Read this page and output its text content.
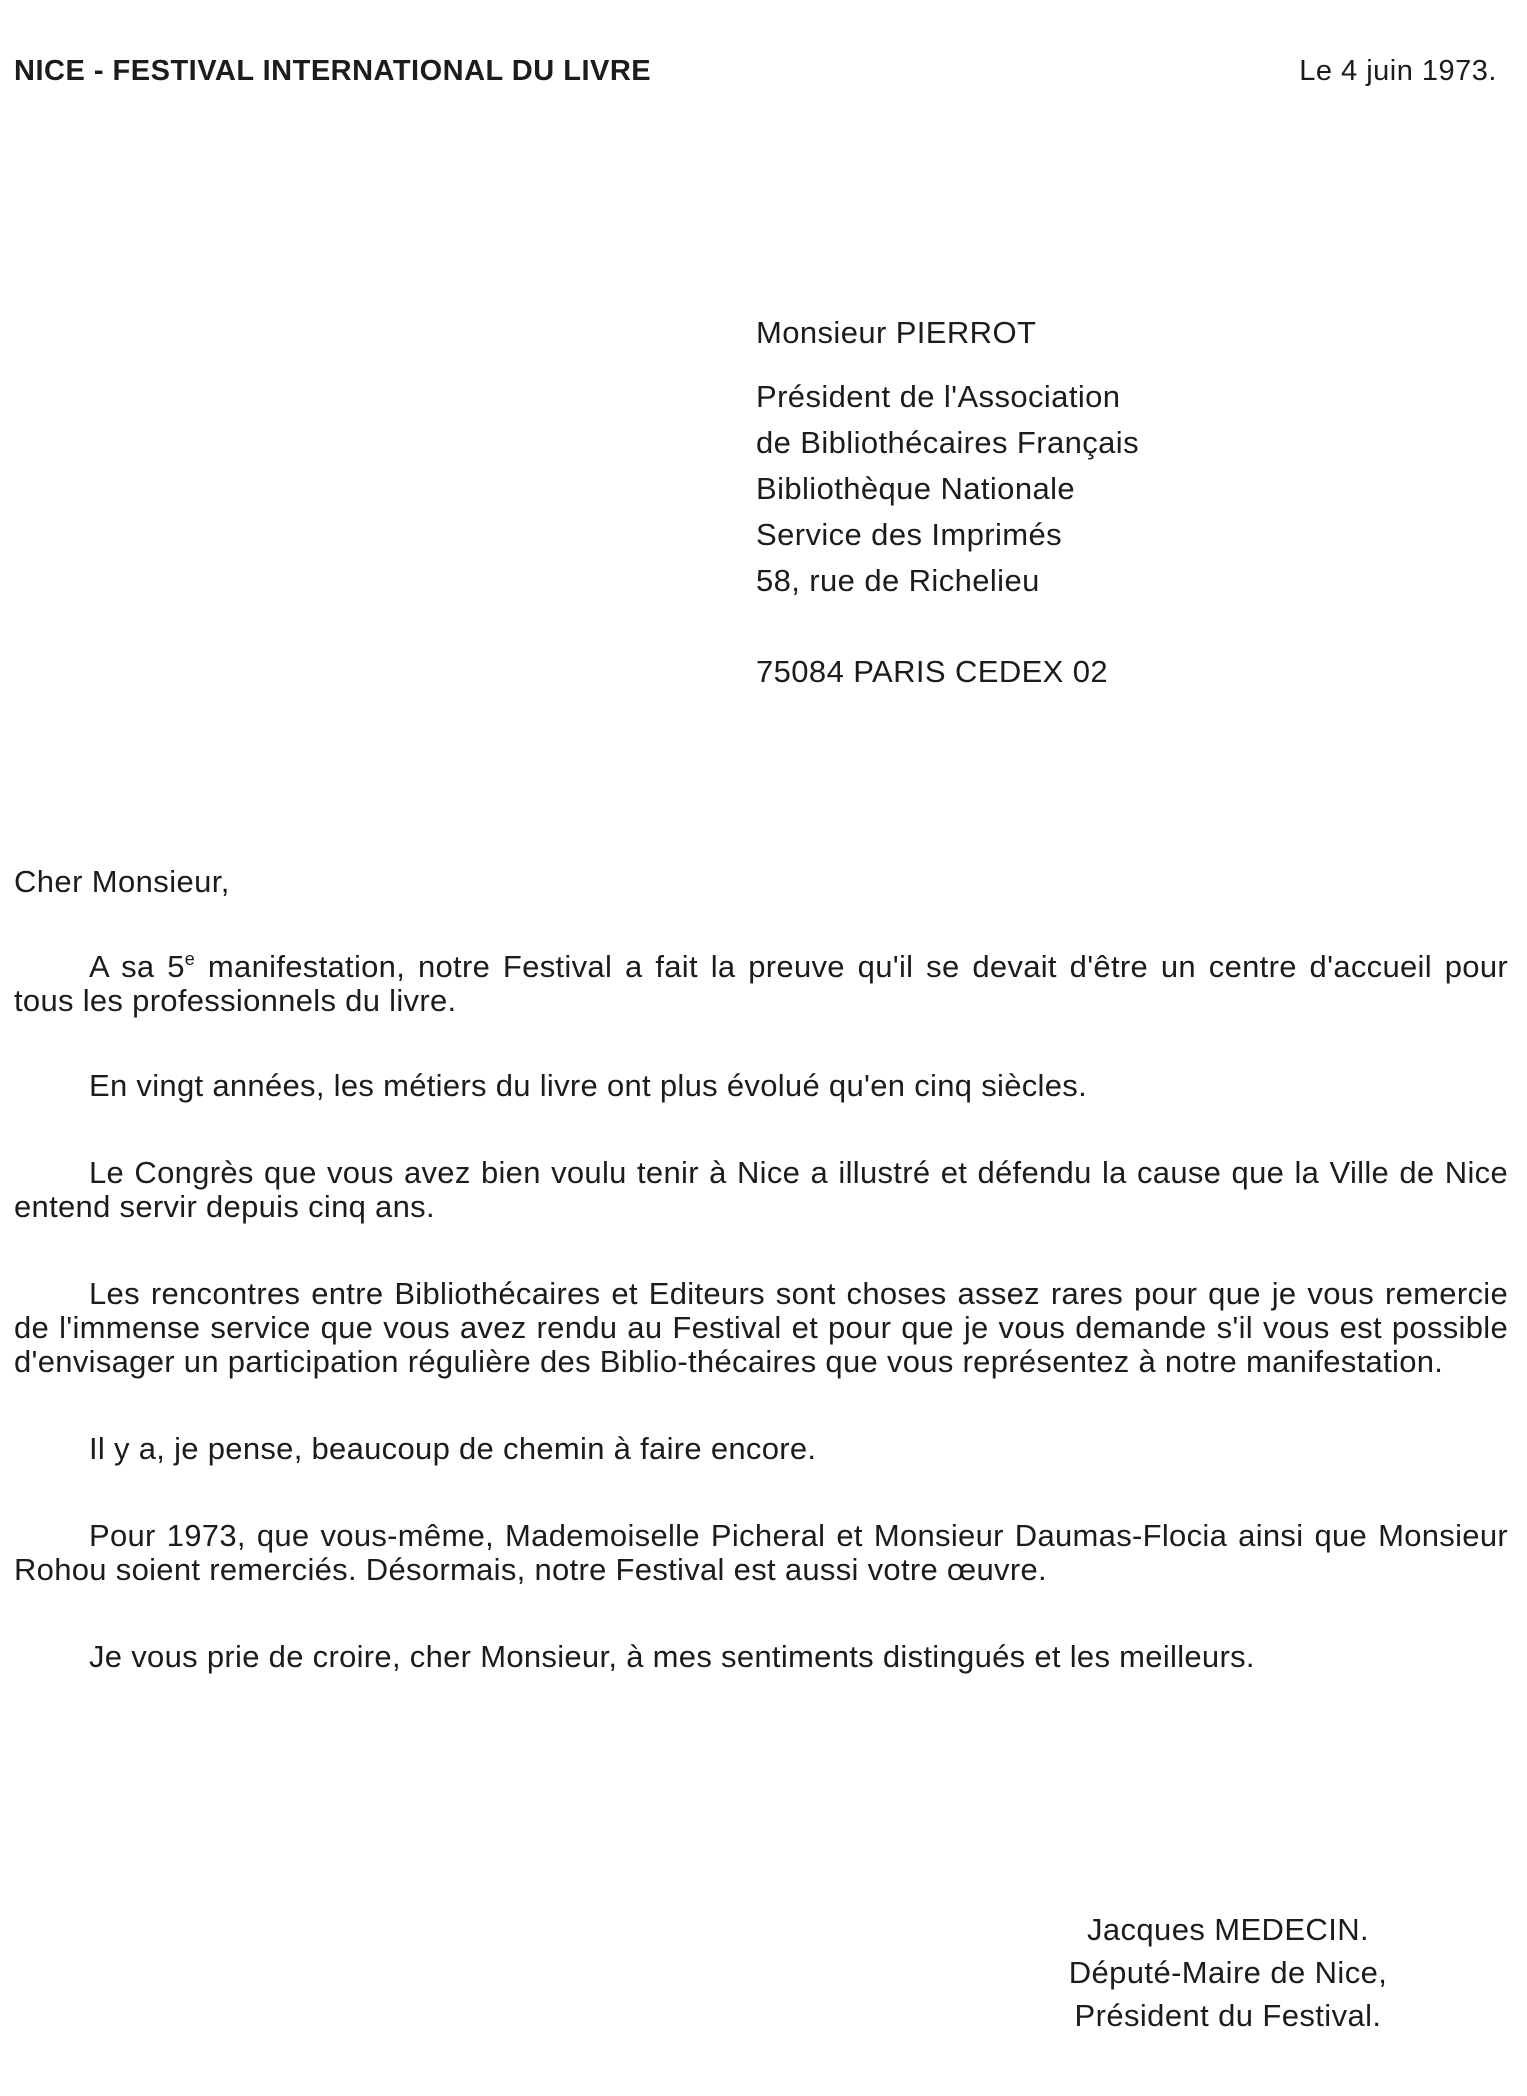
NICE - FESTIVAL INTERNATIONAL DU LIVRE	Le 4 juin 1973.
Monsieur PIERROT
Président de l'Association
de Bibliothécaires Français
Bibliothèque Nationale
Service des Imprimés
58, rue de Richelieu
75084 PARIS CEDEX 02
Cher Monsieur,

A sa 5e manifestation, notre Festival a fait la preuve qu'il se devait d'être un centre d'accueil pour tous les professionnels du livre.

En vingt années, les métiers du livre ont plus évolué qu'en cinq siècles.

Le Congrès que vous avez bien voulu tenir à Nice a illustré et défendu la cause que la Ville de Nice entend servir depuis cinq ans.

Les rencontres entre Bibliothécaires et Editeurs sont choses assez rares pour que je vous remercie de l'immense service que vous avez rendu au Festival et pour que je vous demande s'il vous est possible d'envisager un participation régulière des Biblio-thécaires que vous représentez à notre manifestation.

Il y a, je pense, beaucoup de chemin à faire encore.

Pour 1973, que vous-même, Mademoiselle Picheral et Monsieur Daumas-Flocia ainsi que Monsieur Rohou soient remerciés. Désormais, notre Festival est aussi votre œuvre.

Je vous prie de croire, cher Monsieur, à mes sentiments distingués et les meilleurs.

Jacques MEDECIN.
Député-Maire de Nice,
Président du Festival.
